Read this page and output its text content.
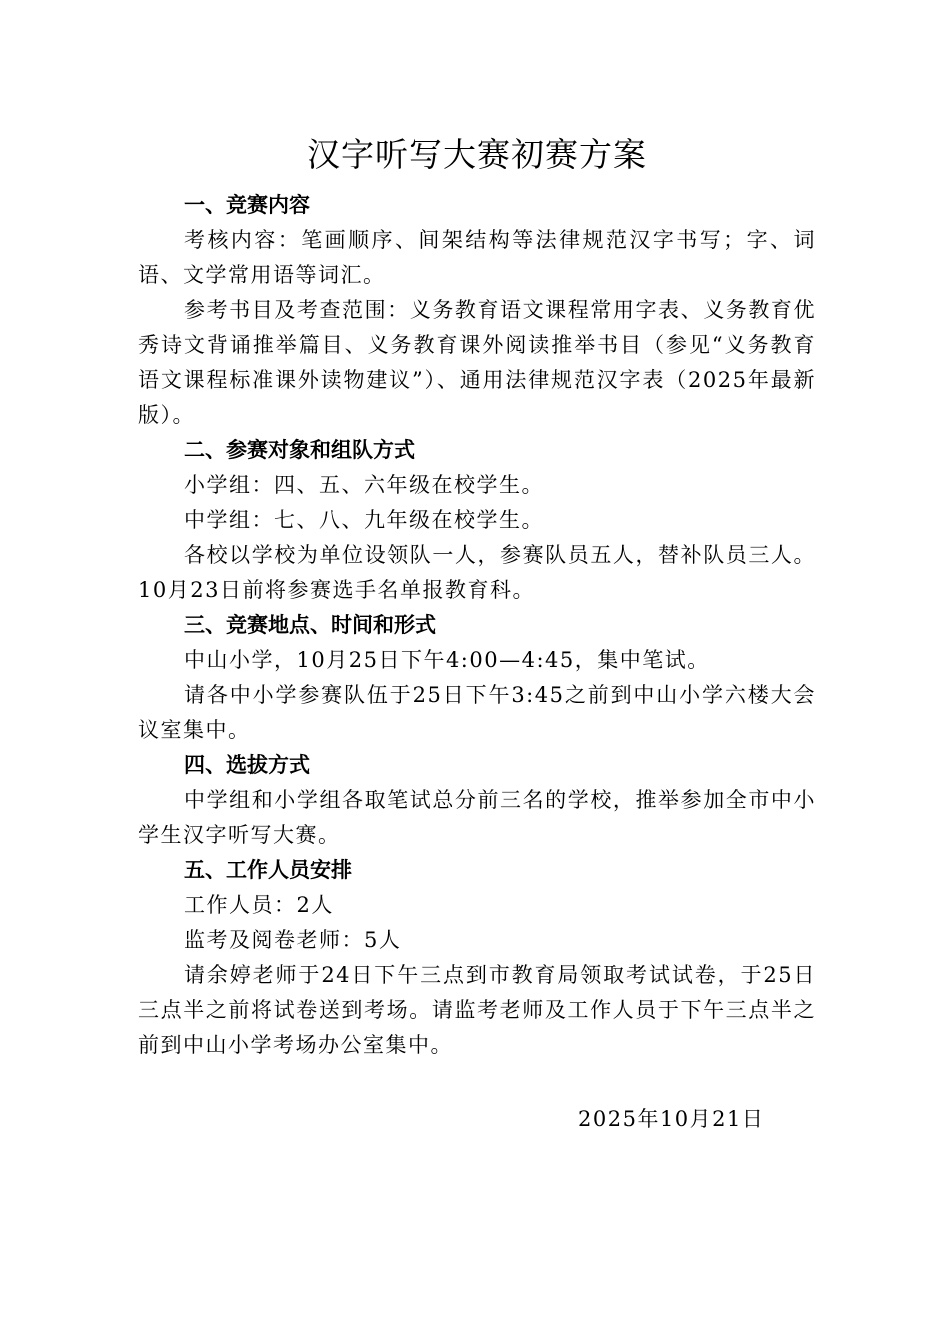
汉字听写大赛初赛方案

一、竞赛内容

考核内容：笔画顺序、间架结构等法律规范汉字书写；字、词语、文学常用语等词汇。

参考书目及考查范围：义务教育语文课程常用字表、义务教育优秀诗文背诵推举篇目、义务教育课外阅读推举书目（参见“义务教育语文课程标准课外读物建议”）、通用法律规范汉字表（2025年最新版）。

二、参赛对象和组队方式

小学组：四、五、六年级在校学生。

中学组：七、八、九年级在校学生。

各校以学校为单位设领队一人，参赛队员五人，替补队员三人。10月23日前将参赛选手名单报教育科。

三、竞赛地点、时间和形式

中山小学，10月25日下午4:00—4:45，集中笔试。

请各中小学参赛队伍于25日下午3:45之前到中山小学六楼大会议室集中。

四、选拔方式

中学组和小学组各取笔试总分前三名的学校，推举参加全市中小学生汉字听写大赛。

五、工作人员安排

工作人员：2人

监考及阅卷老师：5人

请余婷老师于24日下午三点到市教育局领取考试试卷，于25日三点半之前将试卷送到考场。请监考老师及工作人员于下午三点半之前到中山小学考场办公室集中。

2025年10月21日
